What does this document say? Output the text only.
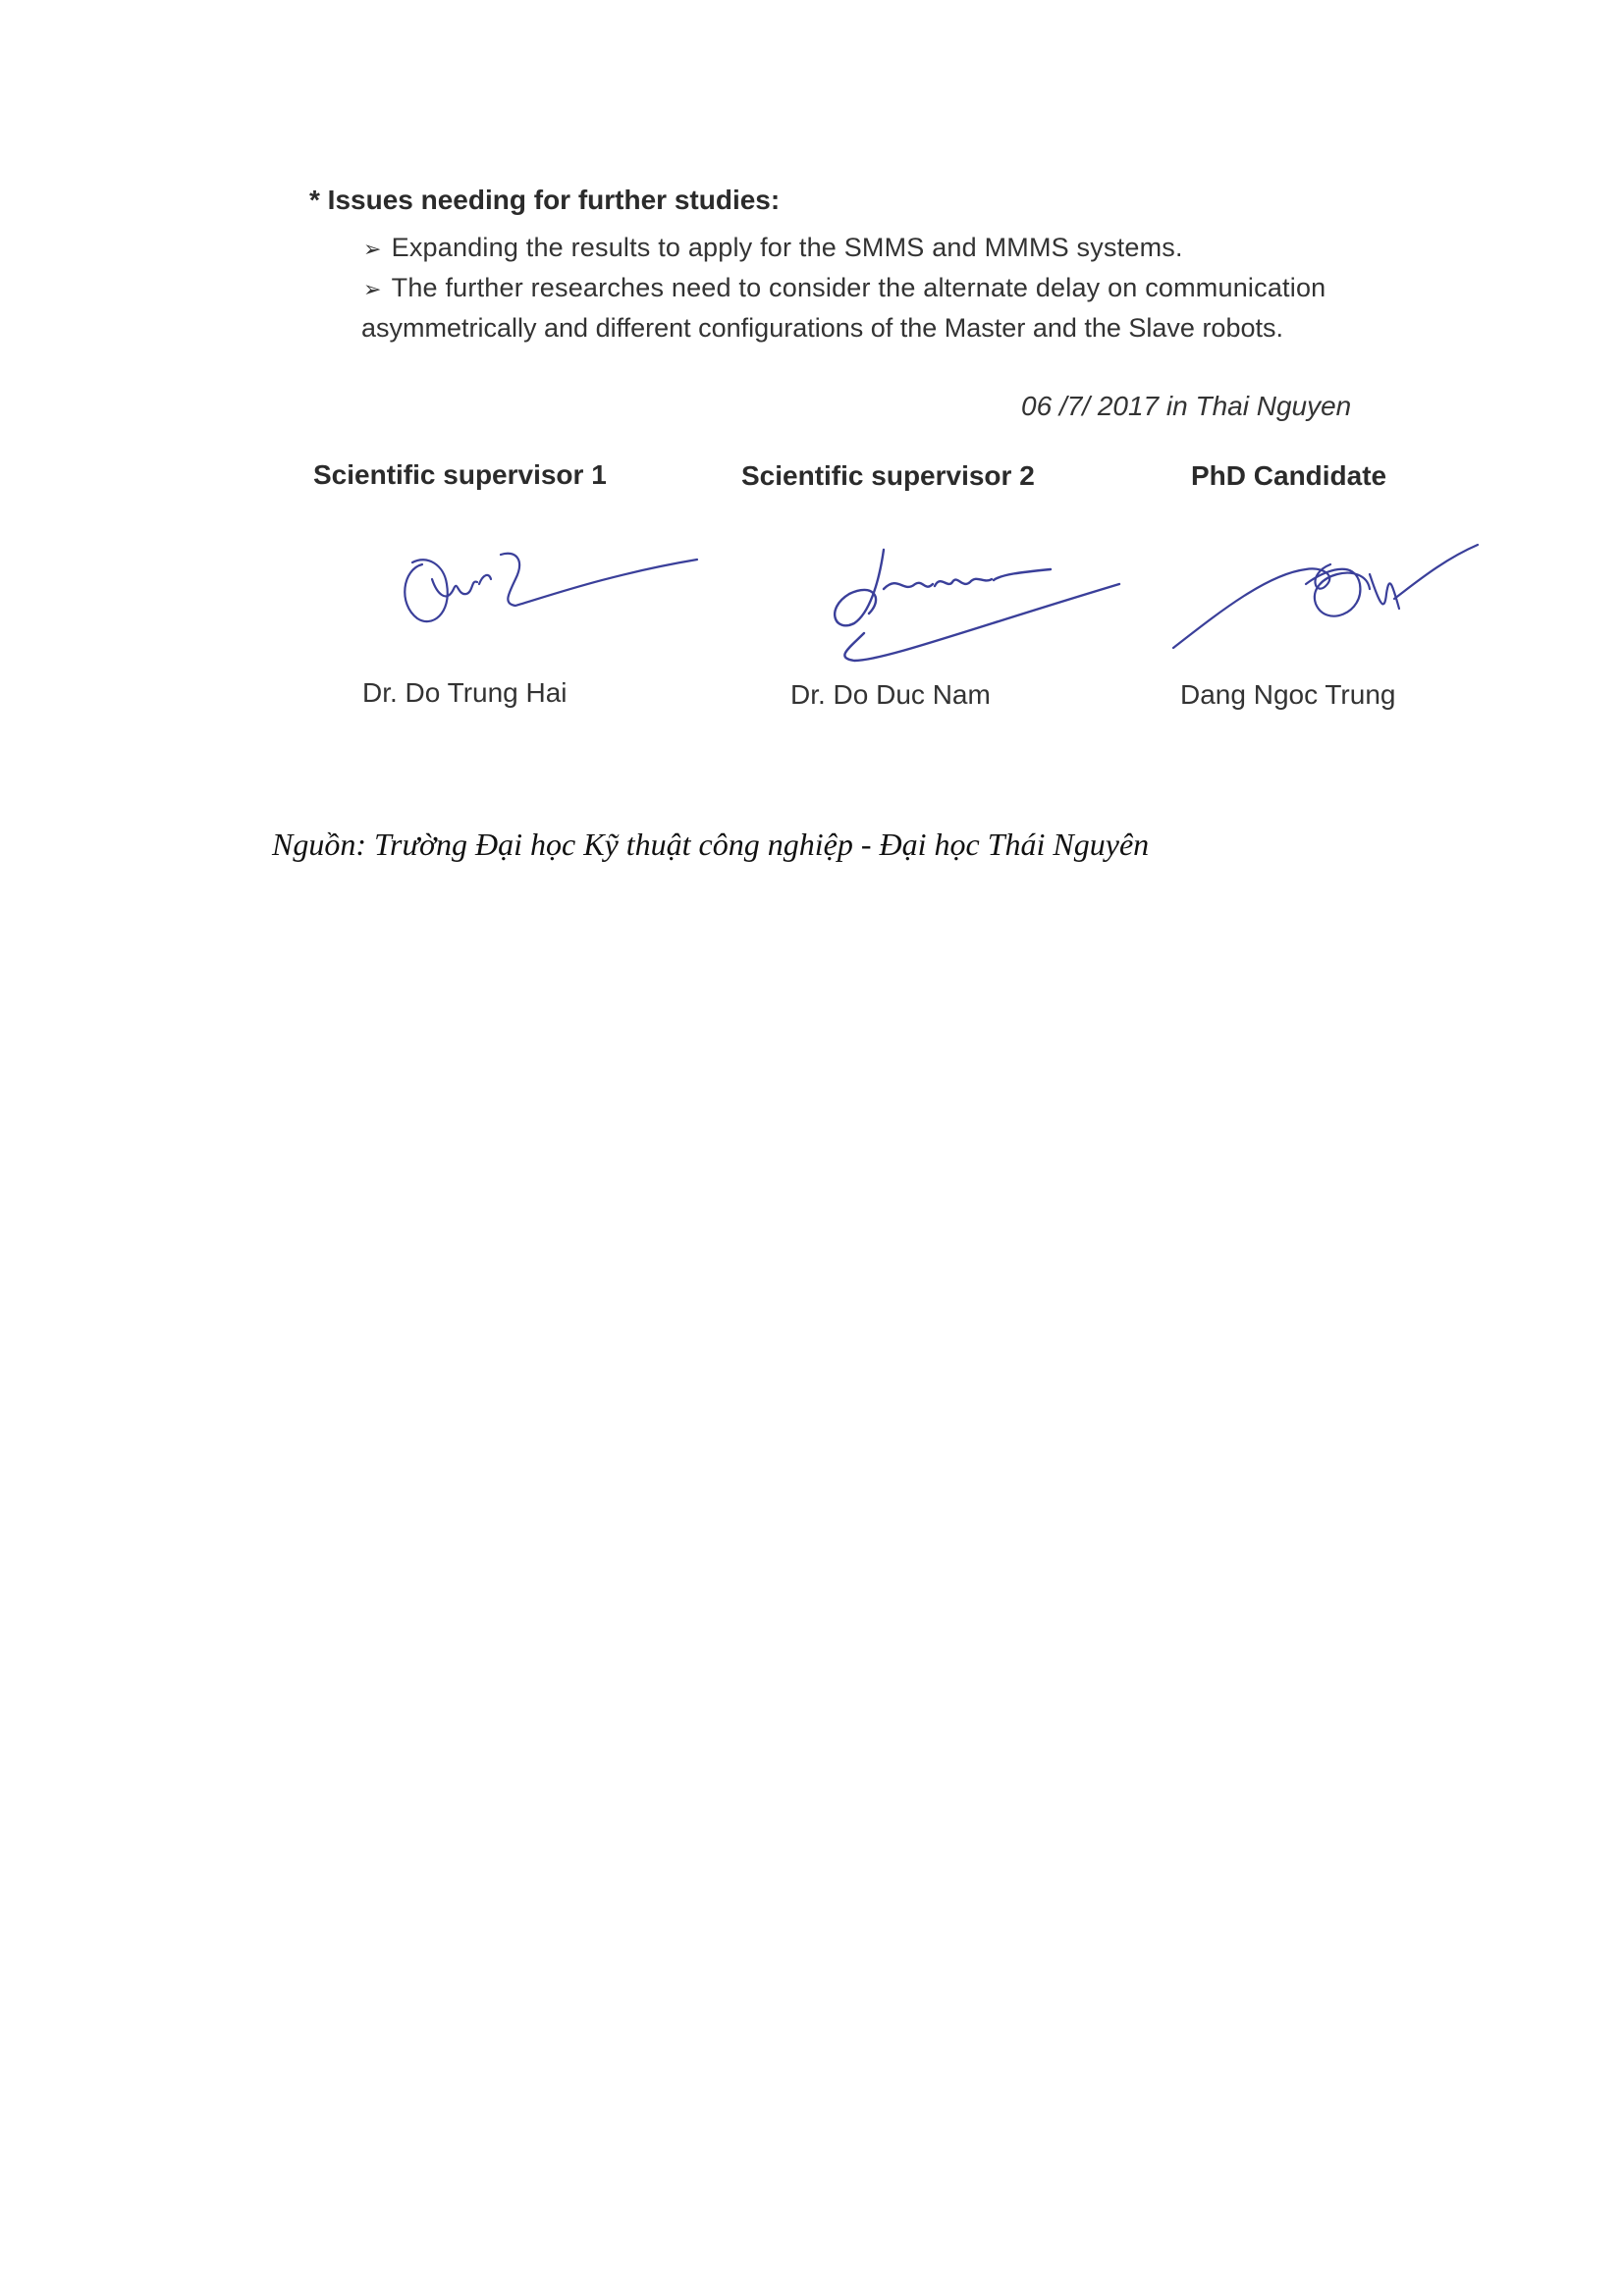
* Issues needing for further studies:
➢ Expanding the results to apply for the SMMS and MMMS systems.
➢ The further researches need to consider the alternate delay on communication
asymmetrically and different configurations of the Master and the Slave robots.
06 /7/ 2017 in Thai Nguyen
Scientific supervisor 1	Scientific supervisor 2	PhD Candidate
Dr. Do Trung Hai	Dr. Do Duc Nam	Dang Ngoc Trung
Nguồn: Trường Đại học Kỹ thuật công nghiệp - Đại học Thái Nguyên
